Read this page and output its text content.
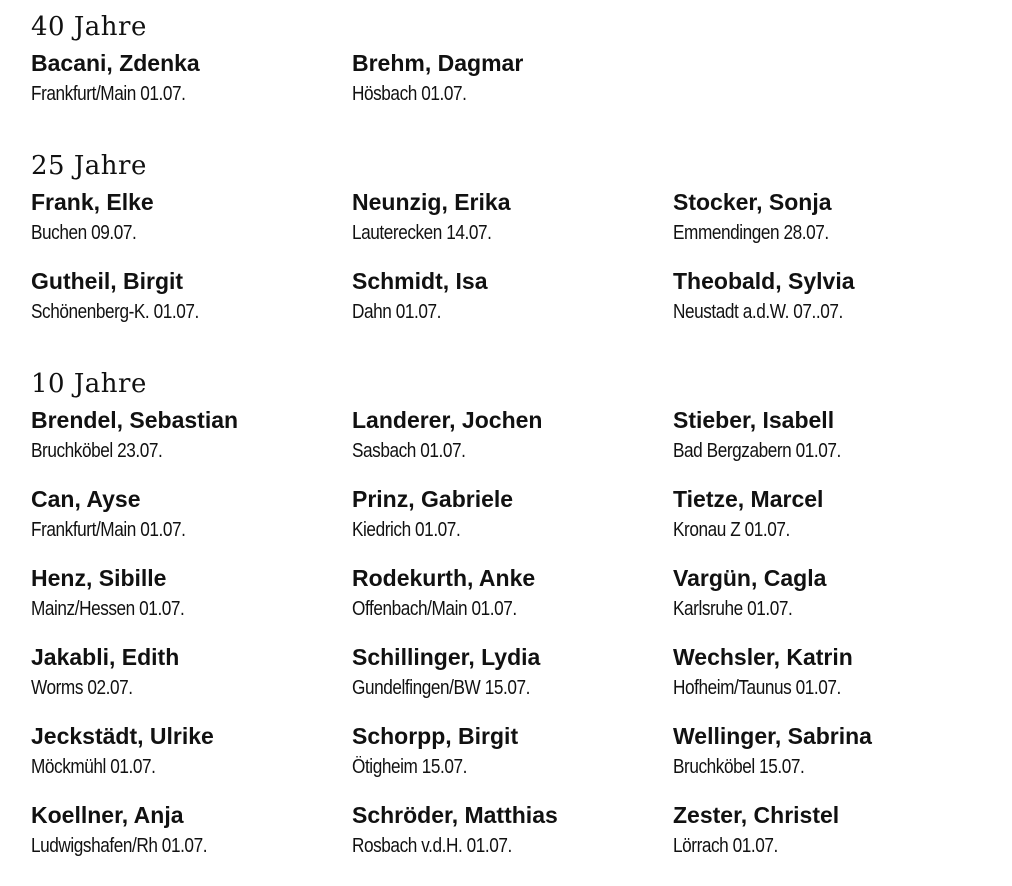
40 Jahre
Bacani, Zdenka
Frankfurt/Main 01.07.
Brehm, Dagmar
Hösbach 01.07.
25 Jahre
Frank, Elke
Buchen 09.07.
Neunzig, Erika
Lauterecken 14.07.
Stocker, Sonja
Emmendingen 28.07.
Gutheil, Birgit
Schönenberg-K. 01.07.
Schmidt, Isa
Dahn 01.07.
Theobald, Sylvia
Neustadt a.d.W. 07..07.
10 Jahre
Brendel, Sebastian
Bruchköbel 23.07.
Landerer, Jochen
Sasbach 01.07.
Stieber, Isabell
Bad Bergzabern 01.07.
Can, Ayse
Frankfurt/Main 01.07.
Prinz, Gabriele
Kiedrich 01.07.
Tietze, Marcel
Kronau Z 01.07.
Henz, Sibille
Mainz/Hessen 01.07.
Rodekurth, Anke
Offenbach/Main 01.07.
Vargün, Cagla
Karlsruhe 01.07.
Jakabli, Edith
Worms 02.07.
Schillinger, Lydia
Gundelfingen/BW 15.07.
Wechsler, Katrin
Hofheim/Taunus 01.07.
Jeckstädt, Ulrike
Möckmühl 01.07.
Schorpp, Birgit
Ötigheim 15.07.
Wellinger, Sabrina
Bruchköbel 15.07.
Koellner, Anja
Ludwigshafen/Rh 01.07.
Schröder, Matthias
Rosbach v.d.H. 01.07.
Zester, Christel
Lörrach 01.07.
